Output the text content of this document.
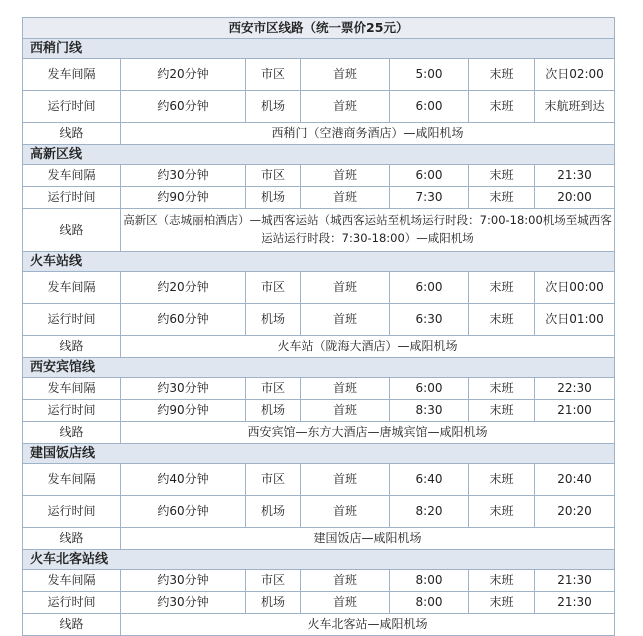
西安市区线路（统一票价25元）						
西稍门线						
发车间隔	约20分钟	市区	首班	5:00	末班	次日02:00
运行时间	约60分钟	机场	首班	6:00	末班	末航班到达
线路	西稍门（空港商务酒店）—咸阳机场					
高新区线						
发车间隔	约30分钟	市区	首班	6:00	末班	21:30
运行时间	约90分钟	机场	首班	7:30	末班	20:00
线路	高新区（志城丽柏酒店）—城西客运站（城西客运站至机场运行时段：7:00-18:00机场至城西客运站运行时段：7:30-18:00）—咸阳机场					
火车站线						
发车间隔	约20分钟	市区	首班	6:00	末班	次日00:00
运行时间	约60分钟	机场	首班	6:30	末班	次日01:00
线路	火车站（陇海大酒店）—咸阳机场					
西安宾馆线						
发车间隔	约30分钟	市区	首班	6:00	末班	22:30
运行时间	约90分钟	机场	首班	8:30	末班	21:00
线路	西安宾馆—东方大酒店—唐城宾馆—咸阳机场					
建国饭店线						
发车间隔	约40分钟	市区	首班	6:40	末班	20:40
运行时间	约60分钟	机场	首班	8:20	末班	20:20
线路	建国饭店—咸阳机场					
火车北客站线						
发车间隔	约30分钟	市区	首班	8:00	末班	21:30
运行时间	约30分钟	机场	首班	8:00	末班	21:30
线路	火车北客站—咸阳机场					
